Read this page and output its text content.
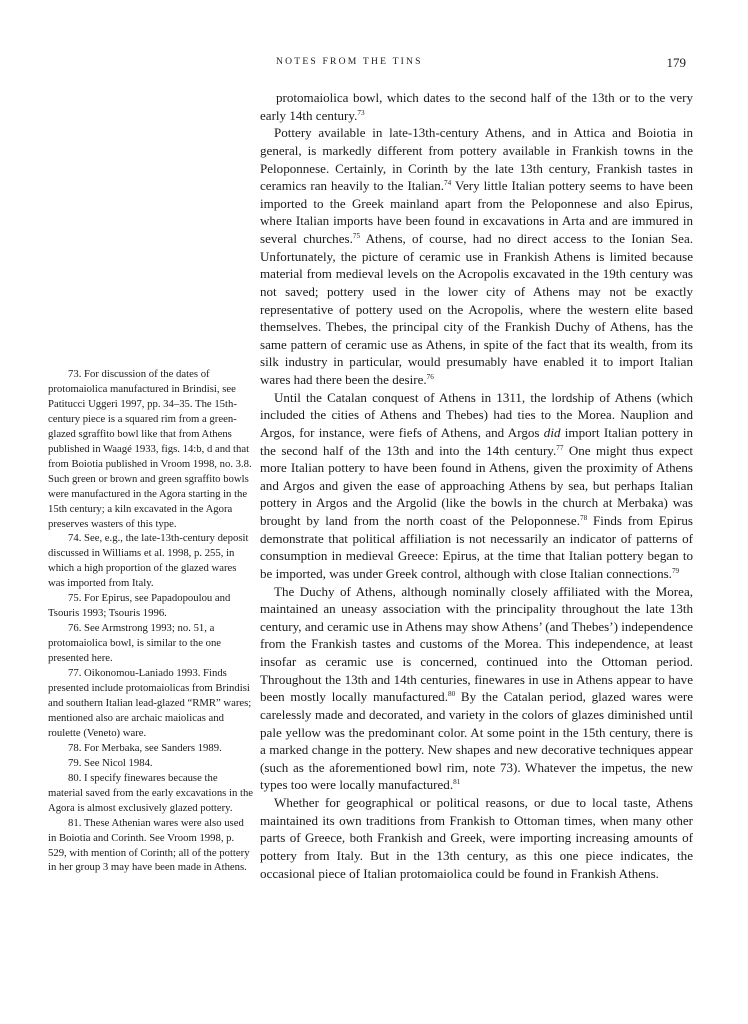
NOTES FROM THE TINS	179

protomaiolica bowl, which dates to the second half of the 13th or to the very early 14th century.$^{73}$

Pottery available in late-13th-century Athens, and in Attica and Boiotia in general, is markedly different from pottery available in Frankish towns in the Peloponnese. Certainly, in Corinth by the late 13th century, Frankish tastes in ceramics ran heavily to the Italian.$^{74}$ Very little Italian pottery seems to have been imported to the Greek mainland apart from the Peloponnese and also Epirus, where Italian imports have been found in excavations in Arta and are immured in several churches.$^{75}$ Athens, of course, had no direct access to the Ionian Sea. Unfortunately, the picture of ceramic use in Frankish Athens is limited because material from medieval levels on the Acropolis excavated in the 19th century was not saved; pottery used in the lower city of Athens may not be exactly representative of pottery used on the Acropolis, where the western elite based themselves. Thebes, the principal city of the Frankish Duchy of Athens, has the same pattern of ceramic use as Athens, in spite of the fact that its wealth, from its silk industry in particular, would presumably have enabled it to import Italian wares had there been the desire.$^{76}$

Until the Catalan conquest of Athens in 1311, the lordship of Athens (which included the cities of Athens and Thebes) had ties to the Morea. Nauplion and Argos, for instance, were fiefs of Athens, and Argos did import Italian pottery in the second half of the 13th and into the 14th century.$^{77}$ One might thus expect more Italian pottery to have been found in Athens, given the proximity of Athens and Argos and given the ease of approaching Athens by sea, but perhaps Italian pottery in Argos and the Argolid (like the bowls in the church at Merbaka) was brought by land from the north coast of the Peloponnese.$^{78}$ Finds from Epirus demonstrate that political affiliation is not necessarily an indicator of patterns of consumption in medieval Greece: Epirus, at the time that Italian pottery began to be imported, was under Greek control, although with close Italian connections.$^{79}$

The Duchy of Athens, although nominally closely affiliated with the Morea, maintained an uneasy association with the principality throughout the late 13th century, and ceramic use in Athens may show Athens’ (and Thebes’) independence from the Frankish tastes and customs of the Morea. This independence, at least insofar as ceramic use is concerned, continued into the Ottoman period. Throughout the 13th and 14th centuries, finewares in use in Athens appear to have been mostly locally manufactured.$^{80}$ By the Catalan period, glazed wares were carelessly made and decorated, and variety in the colors of glazes diminished until pale yellow was the predominant color. At some point in the 15th century, there is a marked change in the pottery. New shapes and new decorative techniques appear (such as the aforementioned bowl rim, note 73). Whatever the impetus, the new types too were locally manufactured.$^{81}$

Whether for geographical or political reasons, or due to local taste, Athens maintained its own traditions from Frankish to Ottoman times, when many other parts of Greece, both Frankish and Greek, were importing increasing amounts of pottery from Italy. But in the 13th century, as this one piece indicates, the occasional piece of Italian protomaiolica could be found in Frankish Athens.

73. For discussion of the dates of protomaiolica manufactured in Brindisi, see Patitucci Uggeri 1997, pp. 34–35. The 15th-century piece is a squared rim from a green-glazed sgraffito bowl like that from Athens published in Waagé 1933, figs. 14:b, d and that from Boiotia published in Vroom 1998, no. 3.8. Such green or brown and green sgraffito bowls were manufactured in the Agora starting in the 15th century; a kiln excavated in the Agora preserves wasters of this type.

74. See, e.g., the late-13th-century deposit discussed in Williams et al. 1998, p. 255, in which a high proportion of the glazed wares was imported from Italy.

75. For Epirus, see Papadopoulou and Tsouris 1993; Tsouris 1996.

76. See Armstrong 1993; no. 51, a protomaiolica bowl, is similar to the one presented here.

77. Oikonomou-Laniado 1993. Finds presented include protomaiolicas from Brindisi and southern Italian lead-glazed “RMR” wares; mentioned also are archaic maiolicas and roulette (Veneto) ware.

78. For Merbaka, see Sanders 1989.

79. See Nicol 1984.

80. I specify finewares because the material saved from the early excavations in the Agora is almost exclusively glazed pottery.

81. These Athenian wares were also used in Boiotia and Corinth. See Vroom 1998, p. 529, with mention of Corinth; all of the pottery in her group 3 may have been made in Athens.
